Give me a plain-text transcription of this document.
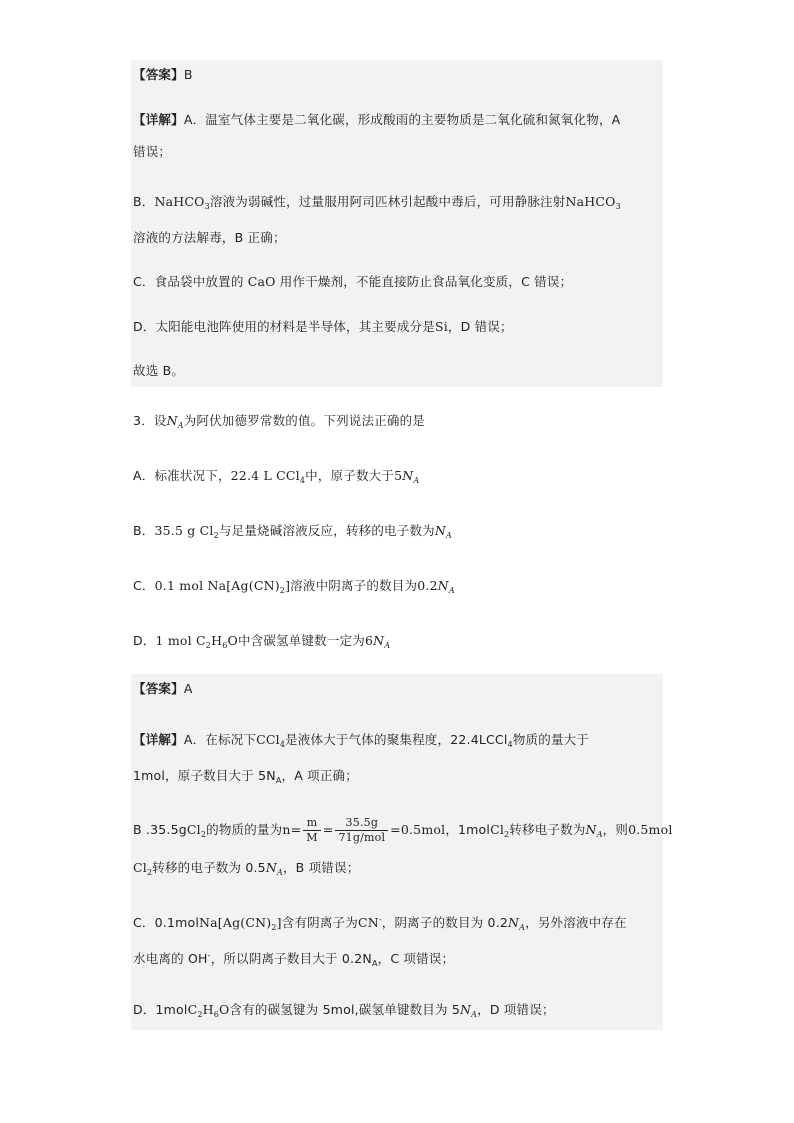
【答案】B
【详解】A．温室气体主要是二氧化碳，形成酸雨的主要物质是二氧化硫和氮氧化物，A
错误；
B．NaHCO$_3$溶液为弱碱性，过量服用阿司匹林引起酸中毒后，可用静脉注射NaHCO$_3$
溶液的方法解毒，B 正确；
C．食品袋中放置的 CaO 用作干燥剂，不能直接防止食品氧化变质，C 错误；
D．太阳能电池阵使用的材料是半导体，其主要成分是Si，D 错误；
故选 B。
3．设$N_A$为阿伏加德罗常数的值。下列说法正确的是
A．标准状况下，22.4 L CCl$_4$中，原子数大于$5N_A$
B．35.5 g $Cl_2$与足量烧碱溶液反应，转移的电子数为$N_A$
C．0.1 mol $Na[Ag(CN)_2]$溶液中阴离子的数目为$0.2N_A$
D．1 mol $C_2H_6O$中含碳氢单键数一定为$6N_A$
【答案】A
【详解】A．在标况下CCl$_4$是液体大于气体的聚集程度，22.4LCCl$_4$物质的量大于
1mol，原子数目大于 $5N_A$，A 项正确；
B .35.5gCl$_2$的物质的量为$n= \frac{m}{M} = \frac{35.5g}{\text{71g/mol}} =0.5mol$，1molCl$_2$转移电子数为$N_A$，则0.5mol
$Cl_2$转移的电子数为 $0.5N_A$，B 项错误；
C．$0.1molNa[Ag(CN)_2]$含有阴离子为CN-，阴离子的数目为 $0.2N_A$，另外溶液中存在
水电离的 OH-，所以阴离子数目大于 $0.2N_A$，C 项错误；
D．$1molC_2H_6O$含有的碳氢键为 5mol,碳氢单键数目为 $5N_A$，D 项错误；
